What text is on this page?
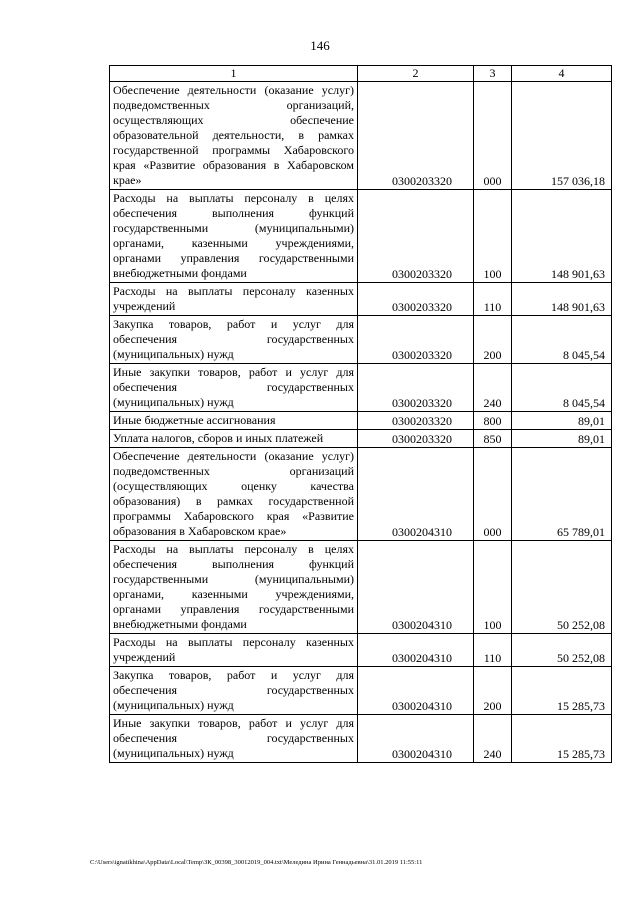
146
1	2	3	4
Обеспечение деятельности (оказание услуг) подведомственных организаций, осуществляющих обеспечение образовательной деятельности, в рамках государственной программы Хабаровского края «Развитие образования в Хабаровском крае»	0300203320	000	157 036,18
Расходы на выплаты персоналу в целях обеспечения выполнения функций государственными (муниципальными) органами, казенными учреждениями, органами управления государственными внебюджетными фондами	0300203320	100	148 901,63
Расходы на выплаты персоналу казенных учреждений	0300203320	110	148 901,63
Закупка товаров, работ и услуг для обеспечения государственных (муниципальных) нужд	0300203320	200	8 045,54
Иные закупки товаров, работ и услуг для обеспечения государственных (муниципальных) нужд	0300203320	240	8 045,54
Иные бюджетные ассигнования	0300203320	800	89,01
Уплата налогов, сборов и иных платежей	0300203320	850	89,01
Обеспечение деятельности (оказание услуг) подведомственных организаций (осуществляющих оценку качества образования) в рамках государственной программы Хабаровского края «Развитие образования в Хабаровском крае»	0300204310	000	65 789,01
Расходы на выплаты персоналу в целях обеспечения выполнения функций государственными (муниципальными) органами, казенными учреждениями, органами управления государственными внебюджетными фондами	0300204310	100	50 252,08
Расходы на выплаты персоналу казенных учреждений	0300204310	110	50 252,08
Закупка товаров, работ и услуг для обеспечения государственных (муниципальных) нужд	0300204310	200	15 285,73
Иные закупки товаров, работ и услуг для обеспечения государственных (муниципальных) нужд	0300204310	240	15 285,73
C:\Users\ignatikhina\AppData\Local\Temp\ЗК_00398_30012019_004.txt\Меледина Ирина Геннадьевна\31.01.2019 11:55:11
